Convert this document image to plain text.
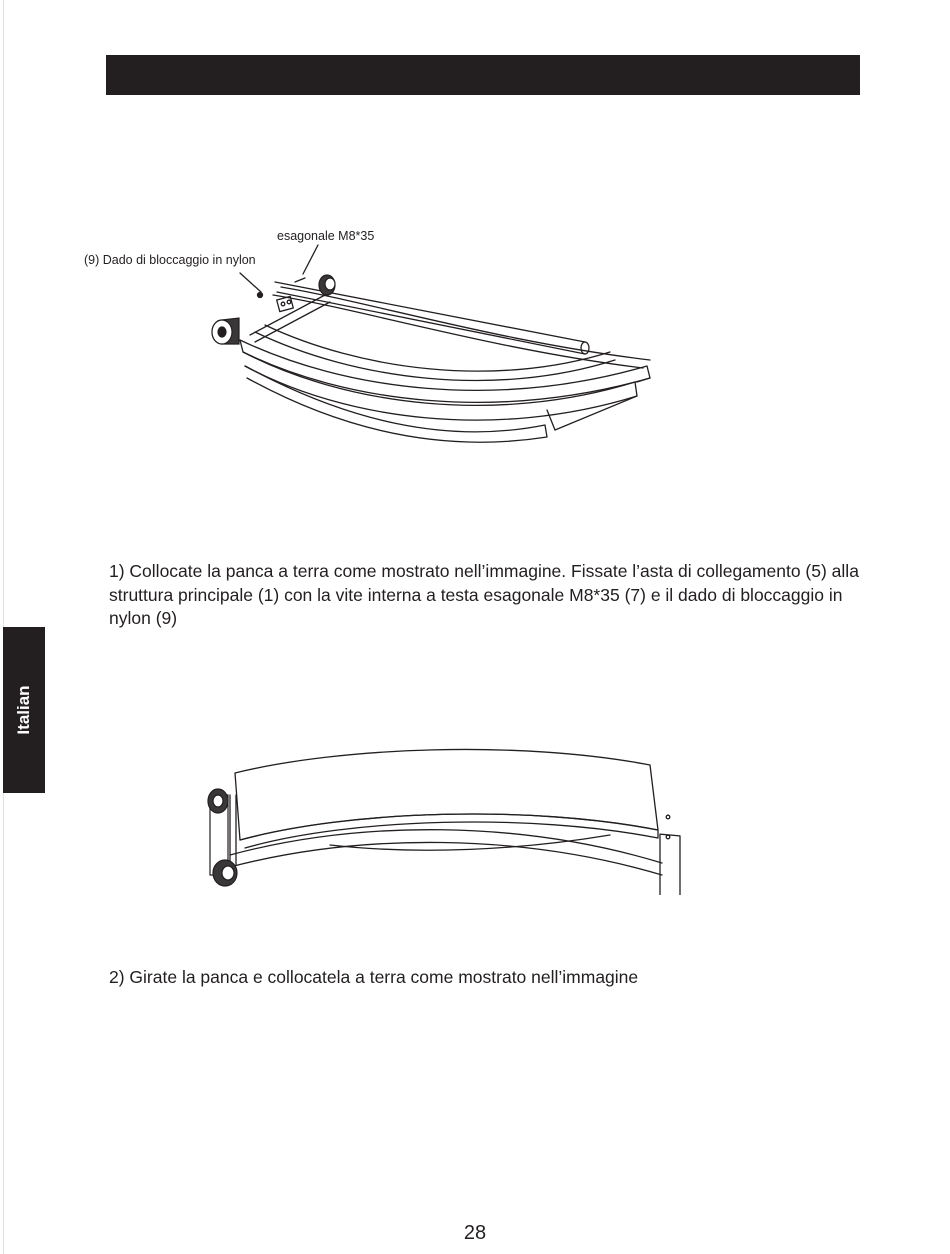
Italian
esagonale M8*35
(9) Dado di bloccaggio in nylon

1) Collocate la panca a terra come mostrato nell’immagine. Fissate l’asta di collegamento (5) alla struttura principale (1) con la vite interna a testa esagonale M8*35 (7) e il dado di bloccaggio in nylon (9)

2) Girate la panca e collocatela a terra come mostrato nell’immagine

28
